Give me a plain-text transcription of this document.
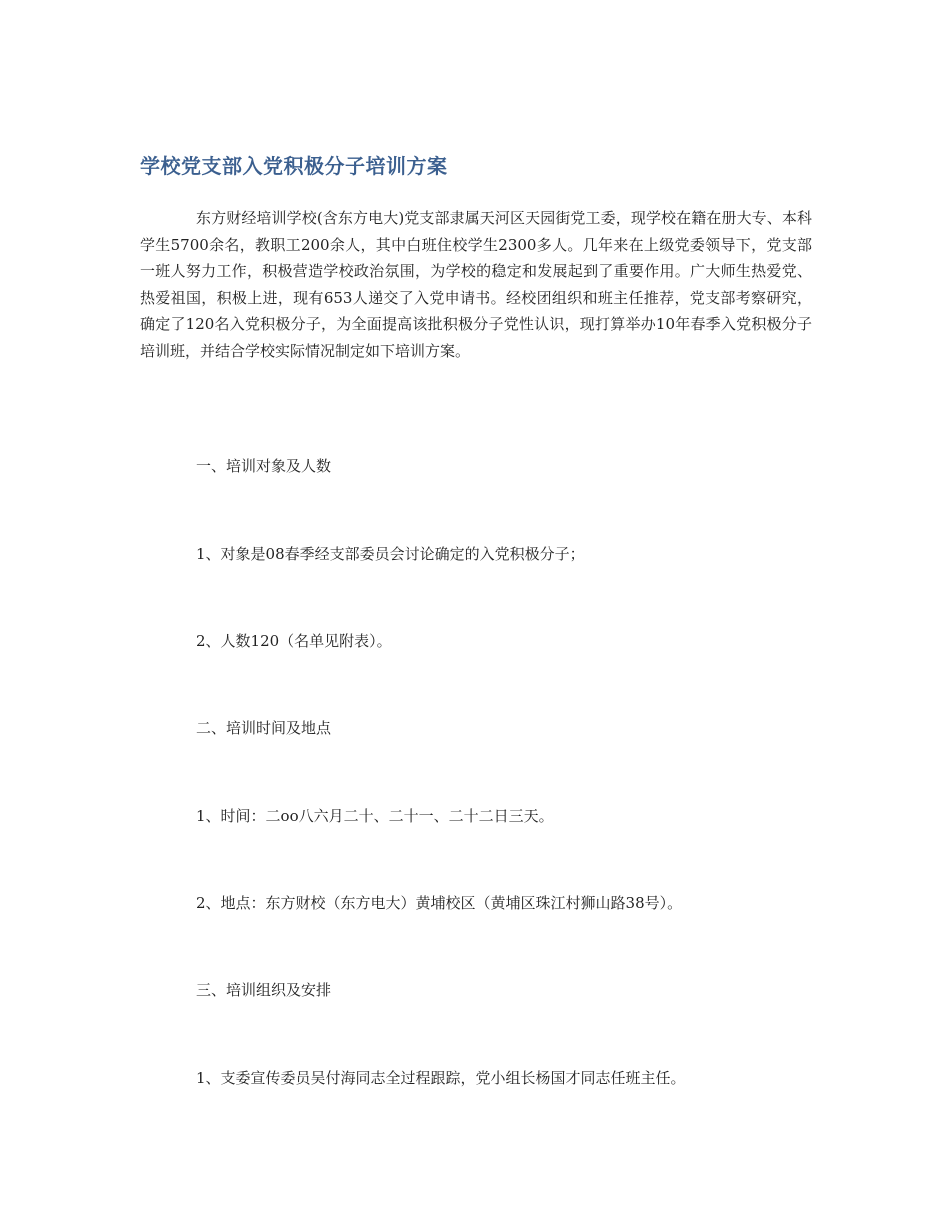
学校党支部入党积极分子培训方案

东方财经培训学校(含东方电大)党支部隶属天河区天园街党工委，现学校在籍在册大专、本科学生5700余名，教职工200余人，其中白班住校学生2300多人。几年来在上级党委领导下，党支部一班人努力工作，积极营造学校政治氛围，为学校的稳定和发展起到了重要作用。广大师生热爱党、热爱祖国，积极上进，现有653人递交了入党申请书。经校团组织和班主任推荐，党支部考察研究，确定了120名入党积极分子，为全面提高该批积极分子党性认识，现打算举办10年春季入党积极分子培训班，并结合学校实际情况制定如下培训方案。

一、培训对象及人数

1、对象是08春季经支部委员会讨论确定的入党积极分子；

2、人数120（名单见附表）。

二、培训时间及地点

1、时间：二oo八六月二十、二十一、二十二日三天。

2、地点：东方财校（东方电大）黄埔校区（黄埔区珠江村狮山路38号）。

三、培训组织及安排

1、支委宣传委员吴付海同志全过程跟踪，党小组长杨国才同志任班主任。
